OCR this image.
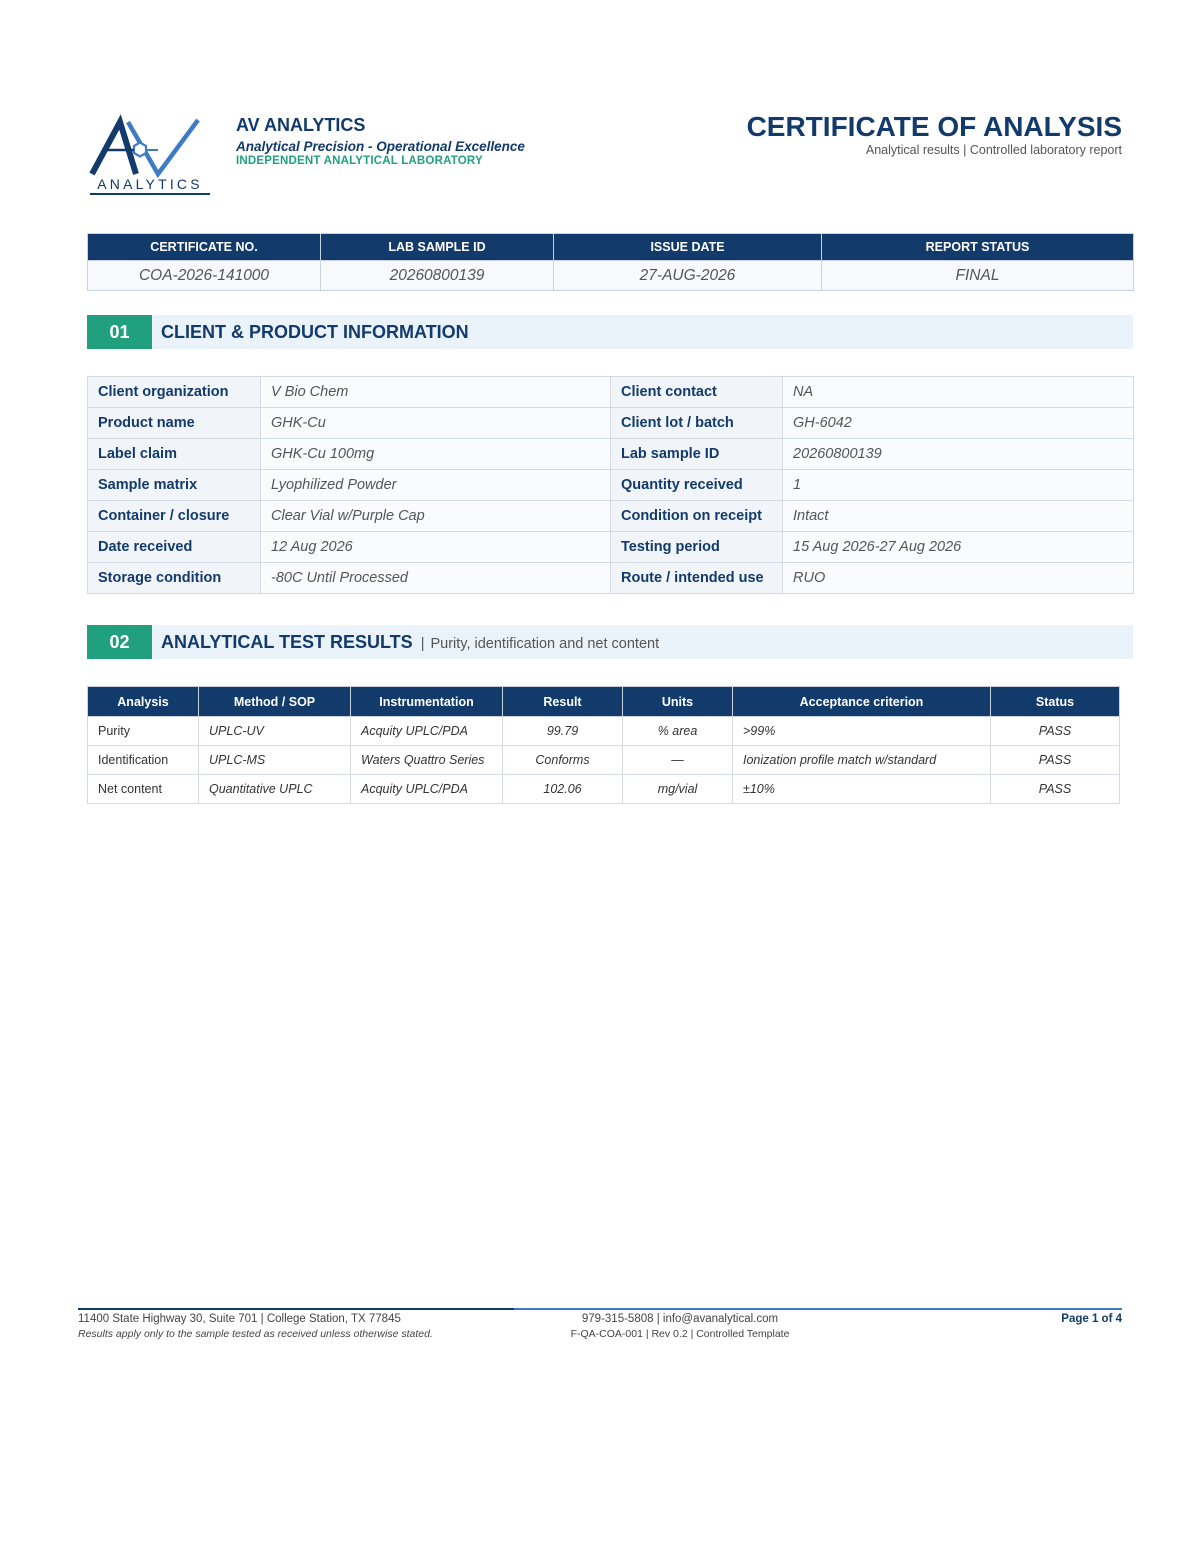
ANALYTICS
AV ANALYTICS
Analytical Precision - Operational Excellence
INDEPENDENT ANALYTICAL LABORATORY
CERTIFICATE OF ANALYSIS
Analytical results | Controlled laboratory report
CERTIFICATE NO.	LAB SAMPLE ID	ISSUE DATE	REPORT STATUS
COA-2026-141000	20260800139	27-AUG-2026	FINAL
01	CLIENT & PRODUCT INFORMATION
Client organization	V Bio Chem	Client contact	NA
Product name	GHK-Cu	Client lot / batch	GH-6042
Label claim	GHK-Cu 100mg	Lab sample ID	20260800139
Sample matrix	Lyophilized Powder	Quantity received	1
Container / closure	Clear Vial w/Purple Cap	Condition on receipt	Intact
Date received	12 Aug 2026	Testing period	15 Aug 2026-27 Aug 2026
Storage condition	-80C Until Processed	Route / intended use	RUO
02	ANALYTICAL TEST RESULTS | Purity, identification and net content
Analysis	Method / SOP	Instrumentation	Result	Units	Acceptance criterion	Status
Purity	UPLC-UV	Acquity UPLC/PDA	99.79	% area	>99%	PASS
Identification	UPLC-MS	Waters Quattro Series	Conforms	—	Ionization profile match w/standard	PASS
Net content	Quantitative UPLC	Acquity UPLC/PDA	102.06	mg/vial	±10%	PASS
11400 State Highway 30, Suite 701 | College Station, TX 77845
Results apply only to the sample tested as received unless otherwise stated.
979-315-5808 | info@avanalytical.com
F-QA-COA-001 | Rev 0.2 | Controlled Template
Page 1 of 4
